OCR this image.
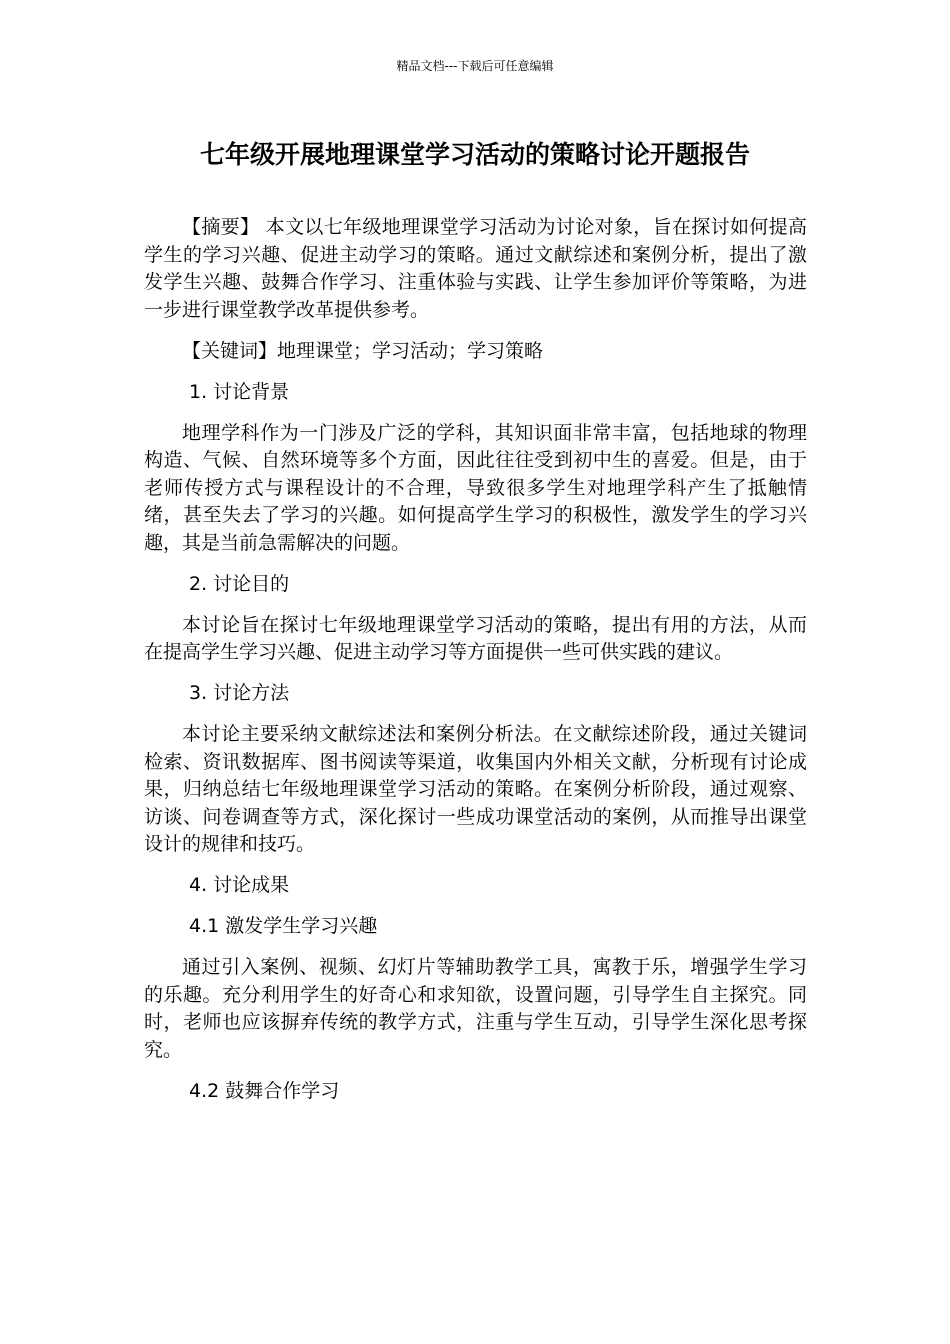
精品文档---下载后可任意编辑
七年级开展地理课堂学习活动的策略讨论开题报告

【摘要】 本文以七年级地理课堂学习活动为讨论对象，旨在探讨如何提高学生的学习兴趣、促进主动学习的策略。通过文献综述和案例分析，提出了激发学生兴趣、鼓舞合作学习、注重体验与实践、让学生参加评价等策略，为进一步进行课堂教学改革提供参考。

【关键词】地理课堂；学习活动；学习策略

1. 讨论背景

地理学科作为一门涉及广泛的学科，其知识面非常丰富，包括地球的物理构造、气候、自然环境等多个方面，因此往往受到初中生的喜爱。但是，由于老师传授方式与课程设计的不合理，导致很多学生对地理学科产生了抵触情绪，甚至失去了学习的兴趣。如何提高学生学习的积极性，激发学生的学习兴趣，其是当前急需解决的问题。

2. 讨论目的

本讨论旨在探讨七年级地理课堂学习活动的策略，提出有用的方法，从而在提高学生学习兴趣、促进主动学习等方面提供一些可供实践的建议。

3. 讨论方法

本讨论主要采纳文献综述法和案例分析法。在文献综述阶段，通过关键词检索、资讯数据库、图书阅读等渠道，收集国内外相关文献，分析现有讨论成果，归纳总结七年级地理课堂学习活动的策略。在案例分析阶段，通过观察、访谈、问卷调查等方式，深化探讨一些成功课堂活动的案例，从而推导出课堂设计的规律和技巧。

4. 讨论成果

4.1 激发学生学习兴趣

通过引入案例、视频、幻灯片等辅助教学工具，寓教于乐，增强学生学习的乐趣。充分利用学生的好奇心和求知欲，设置问题，引导学生自主探究。同时，老师也应该摒弃传统的教学方式，注重与学生互动，引导学生深化思考探究。

4.2 鼓舞合作学习
